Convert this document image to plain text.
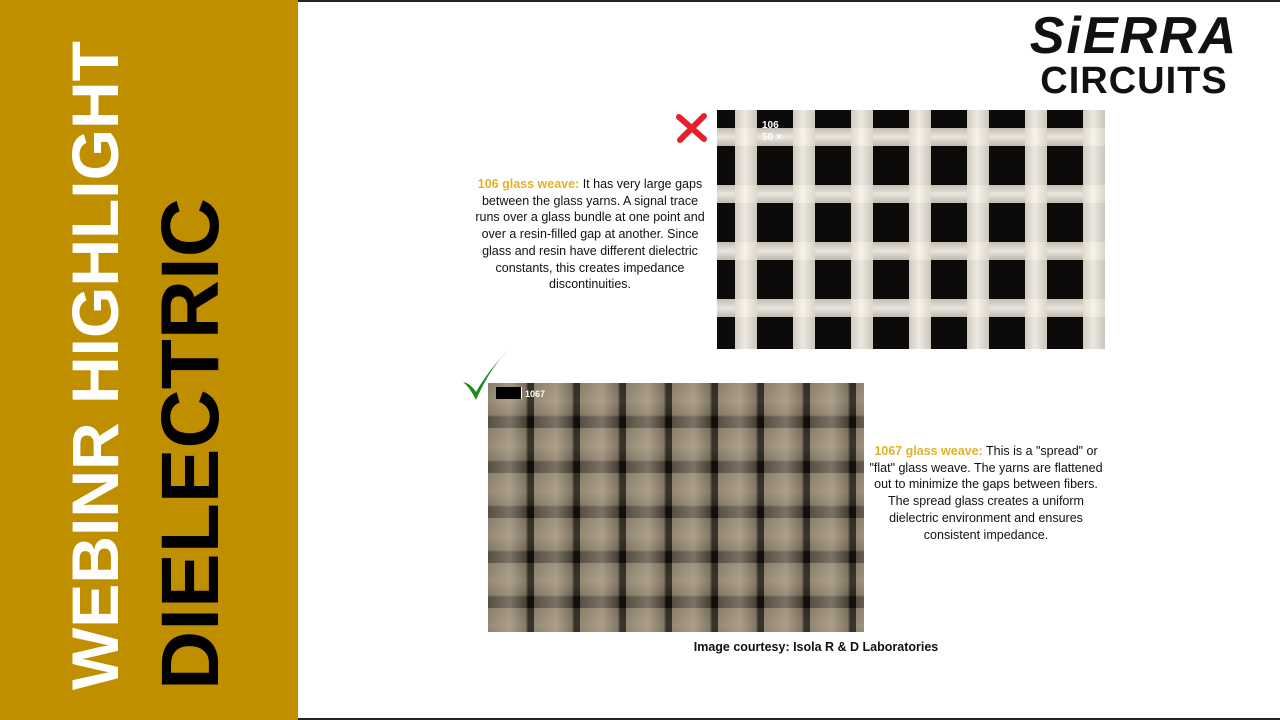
WEBINR HIGHLIGHT DIELECTRIC
SiERRA
CIRCUITS
106
50 ×
106 glass weave: It has very large gaps between the glass yarns. A signal trace runs over a glass bundle at one point and over a resin-filled gap at another. Since glass and resin have different dielectric constants, this creates impedance discontinuities.
1067
1067 glass weave: This is a "spread" or "flat" glass weave. The yarns are flattened out to minimize the gaps between fibers. The spread glass creates a uniform dielectric environment and ensures consistent impedance.
Image courtesy: Isola R & D Laboratories
